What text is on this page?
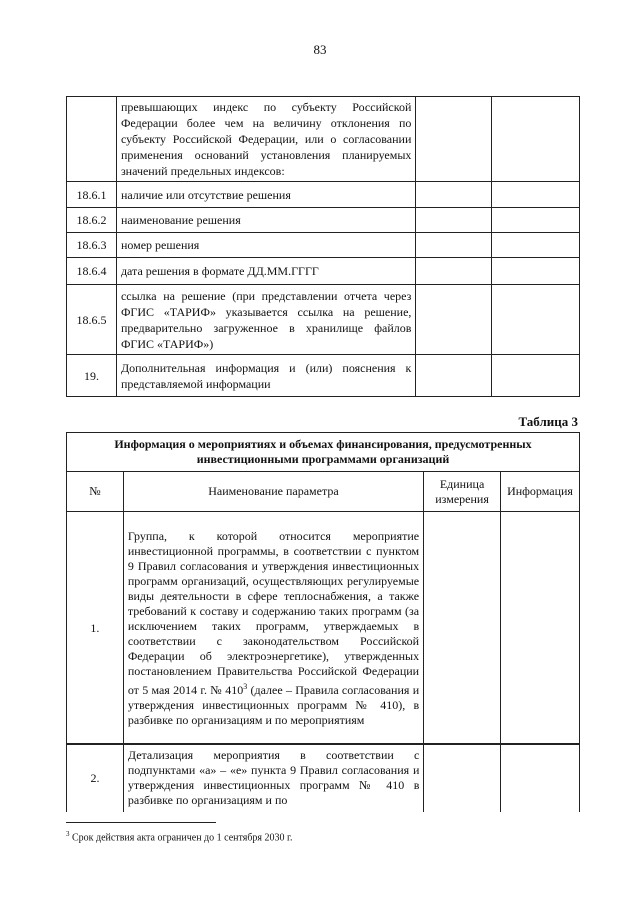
83
	превышающих индекс по субъекту Российской Федерации более чем на величину отклонения по субъекту Российской Федерации, или о согласовании применения оснований установления планируемых значений предельных индексов:		
18.6.1	наличие или отсутствие решения		
18.6.2	наименование решения		
18.6.3	номер решения		
18.6.4	дата решения в формате ДД.ММ.ГГГГ		
18.6.5	ссылка на решение (при представлении отчета через ФГИС «ТАРИФ» указывается ссылка на решение, предварительно загруженное в хранилище файлов ФГИС «ТАРИФ»)		
19.	Дополнительная информация и (или) пояснения к представляемой информации		
Таблица 3
Информация о мероприятиях и объемах финансирования, предусмотренных инвестиционными программами организаций			
№	Наименование параметра	Единица измерения	Информация
1.	Группа, к которой относится мероприятие инвестиционной программы, в соответствии с пунктом 9 Правил согласования и утверждения инвестиционных программ организаций, осуществляющих регулируемые виды деятельности в сфере теплоснабжения, а также требований к составу и содержанию таких программ (за исключением таких программ, утверждаемых в соответствии с законодательством Российской Федерации об электроэнергетике), утвержденных постановлением Правительства Российской Федерации от 5 мая 2014 г. № $410^3$ (далее – Правила согласования и утверждения инвестиционных программ № 410), в разбивке по организациям и по мероприятиям		
2.	Детализация мероприятия в соответствии с подпунктами «а» – «е» пункта 9 Правил согласования и утверждения инвестиционных программ № 410 в разбивке по организациям и по		
$^3$ Срок действия акта ограничен до 1 сентября 2030 г.
